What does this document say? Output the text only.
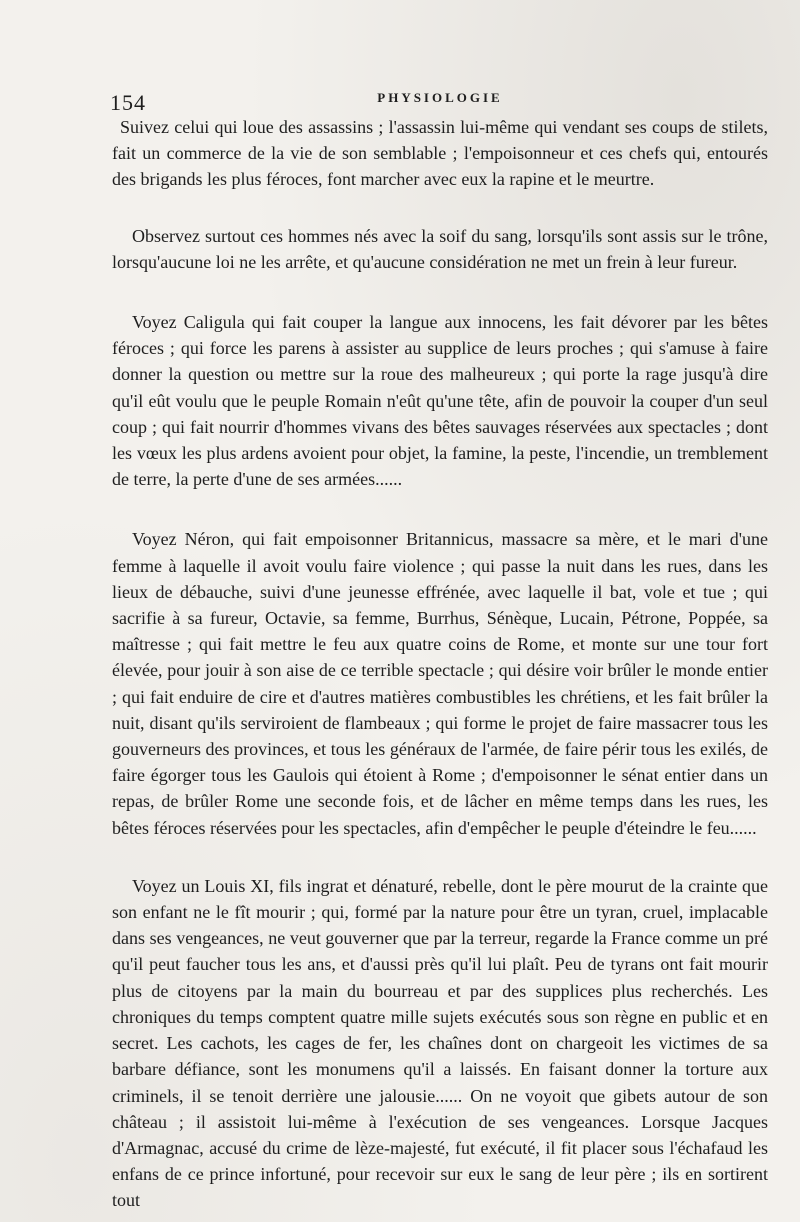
154	PHYSIOLOGIE

Suivez celui qui loue des assassins ; l'assassin lui-même qui vendant ses coups de stilets, fait un commerce de la vie de son semblable ; l'empoisonneur et ces chefs qui, entourés des brigands les plus féroces, font marcher avec eux la rapine et le meurtre.

Observez surtout ces hommes nés avec la soif du sang, lorsqu'ils sont assis sur le trône, lorsqu'aucune loi ne les arrête, et qu'aucune considération ne met un frein à leur fureur.

Voyez Caligula qui fait couper la langue aux innocens, les fait dévorer par les bêtes féroces ; qui force les parens à assister au supplice de leurs proches ; qui s'amuse à faire donner la question ou mettre sur la roue des malheureux ; qui porte la rage jusqu'à dire qu'il eût voulu que le peuple Romain n'eût qu'une tête, afin de pouvoir la couper d'un seul coup ; qui fait nourrir d'hommes vivans des bêtes sauvages réservées aux spectacles ; dont les vœux les plus ardens avoient pour objet, la famine, la peste, l'incendie, un tremblement de terre, la perte d'une de ses armées......

Voyez Néron, qui fait empoisonner Britannicus, massacre sa mère, et le mari d'une femme à laquelle il avoit voulu faire violence ; qui passe la nuit dans les rues, dans les lieux de débauche, suivi d'une jeunesse effrénée, avec laquelle il bat, vole et tue ; qui sacrifie à sa fureur, Octavie, sa femme, Burrhus, Sénèque, Lucain, Pétrone, Poppée, sa maîtresse ; qui fait mettre le feu aux quatre coins de Rome, et monte sur une tour fort élevée, pour jouir à son aise de ce terrible spectacle ; qui désire voir brûler le monde entier ; qui fait enduire de cire et d'autres matières combustibles les chrétiens, et les fait brûler la nuit, disant qu'ils serviroient de flambeaux ; qui forme le projet de faire massacrer tous les gouverneurs des provinces, et tous les généraux de l'armée, de faire périr tous les exilés, de faire égorger tous les Gaulois qui étoient à Rome ; d'empoisonner le sénat entier dans un repas, de brûler Rome une seconde fois, et de lâcher en même temps dans les rues, les bêtes féroces réservées pour les spectacles, afin d'empêcher le peuple d'éteindre le feu......

Voyez un Louis XI, fils ingrat et dénaturé, rebelle, dont le père mourut de la crainte que son enfant ne le fît mourir ; qui, formé par la nature pour être un tyran, cruel, implacable dans ses vengeances, ne veut gouverner que par la terreur, regarde la France comme un pré qu'il peut faucher tous les ans, et d'aussi près qu'il lui plaît. Peu de tyrans ont fait mourir plus de citoyens par la main du bourreau et par des supplices plus recherchés. Les chroniques du temps comptent quatre mille sujets exécutés sous son règne en public et en secret. Les cachots, les cages de fer, les chaînes dont on chargeoit les victimes de sa barbare défiance, sont les monumens qu'il a laissés. En faisant donner la torture aux criminels, il se tenoit derrière une jalousie...... On ne voyoit que gibets autour de son château ; il assistoit lui-même à l'exécution de ses vengeances. Lorsque Jacques d'Armagnac, accusé du crime de lèze-majesté, fut exécuté, il fit placer sous l'échafaud les enfans de ce prince infortuné, pour recevoir sur eux le sang de leur père ; ils en sortirent tout
